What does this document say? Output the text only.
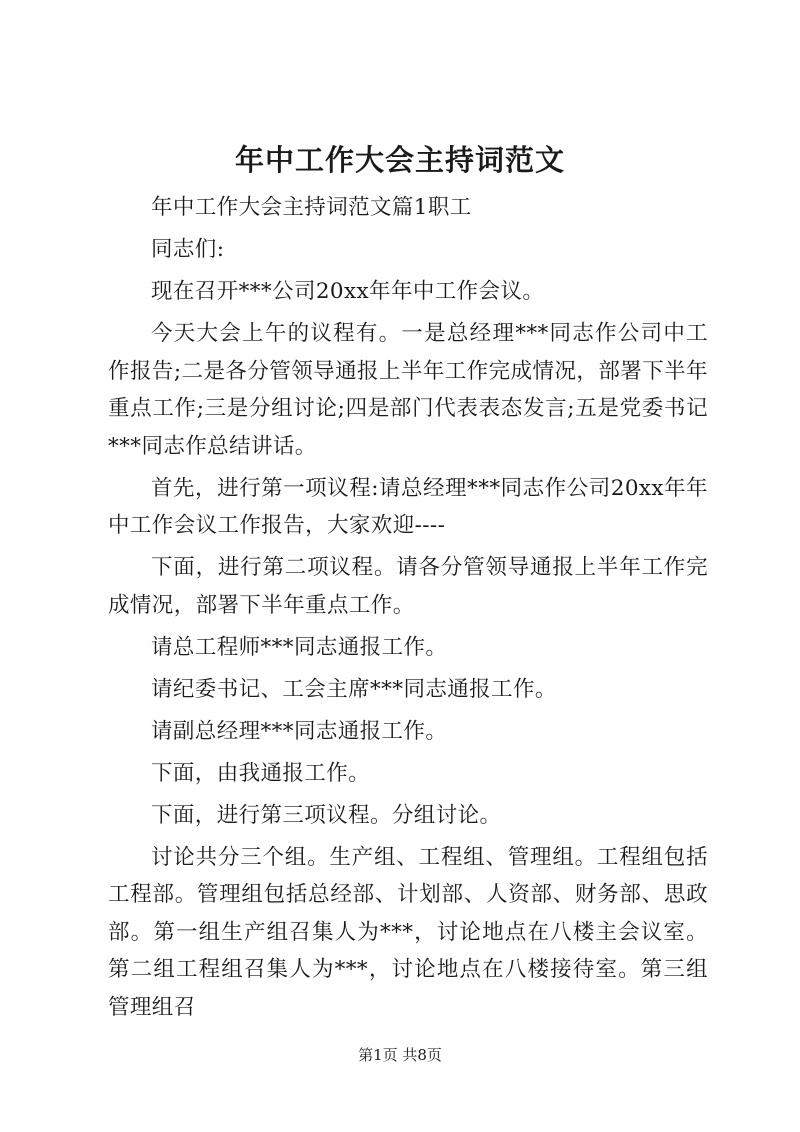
年中工作大会主持词范文

年中工作大会主持词范文篇1职工

同志们:

现在召开***公司20xx年年中工作会议。

今天大会上午的议程有。一是总经理***同志作公司中工作报告;二是各分管领导通报上半年工作完成情况，部署下半年重点工作;三是分组讨论;四是部门代表表态发言;五是党委书记***同志作总结讲话。

首先，进行第一项议程:请总经理***同志作公司20xx年年中工作会议工作报告，大家欢迎----

下面，进行第二项议程。请各分管领导通报上半年工作完成情况，部署下半年重点工作。

请总工程师***同志通报工作。

请纪委书记、工会主席***同志通报工作。

请副总经理***同志通报工作。

下面，由我通报工作。

下面，进行第三项议程。分组讨论。

讨论共分三个组。生产组、工程组、管理组。工程组包括工程部。管理组包括总经部、计划部、人资部、财务部、思政部。第一组生产组召集人为***，讨论地点在八楼主会议室。第二组工程组召集人为***，讨论地点在八楼接待室。第三组管理组召

第1页 共8页
